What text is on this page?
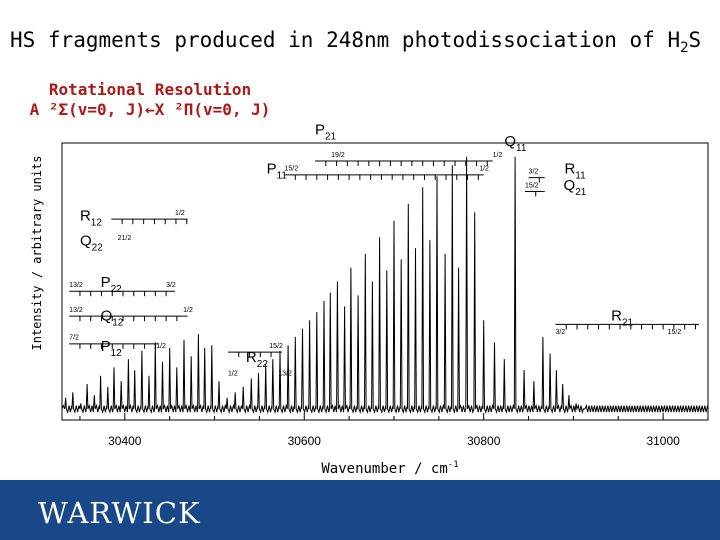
HS fragments produced in 248nm photodissociation of $H_2S$
Rotational Resolution
A ²Σ(v=0, J)←X ²Π(v=0, J)
30400	30600	30800	31000
$P_{21}$
$P_{11}$
$Q_{11}$
$R_{11}$
$Q_{21}$
$R_{12}$
$Q_{22}$
$P_{22}$
$Q_{12}$
$P_{12}$	$R_{22}$
$R_{21}$
19/2	1/2
15/2	1/2	3/2
15/2
1/2
21/2
13/2	3/2
13/2	1/2
7/2
1/2	15/2
1/2	13/2
3/2	15/2
Intensity / arbitrary units
Wavenumber / $cm^{-1}$
WARWICK
